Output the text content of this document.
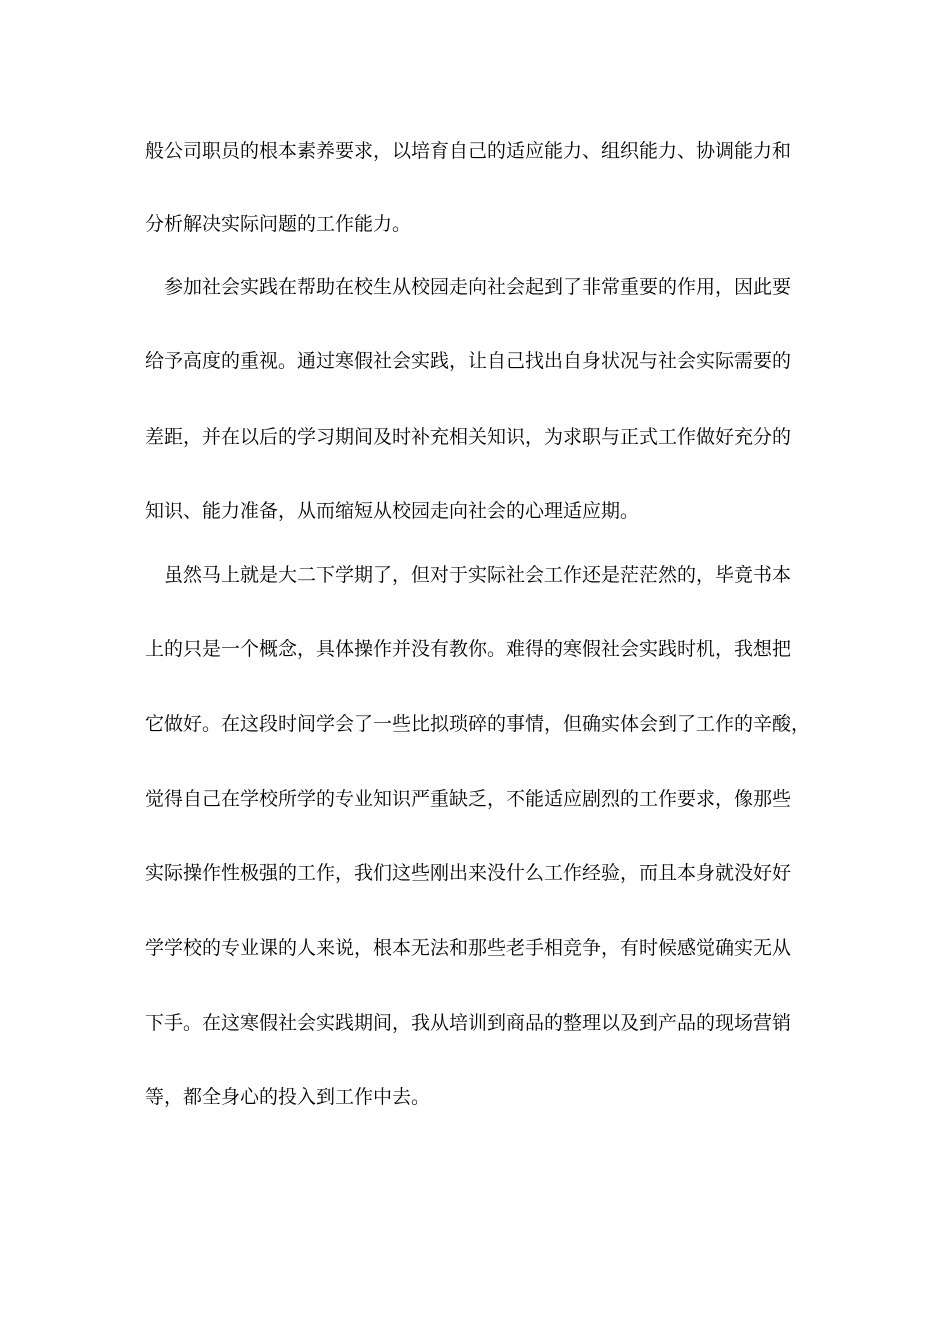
般公司职员的根本素养要求，以培育自己的适应能力、组织能力、协调能力和
分析解决实际问题的工作能力。
参加社会实践在帮助在校生从校园走向社会起到了非常重要的作用，因此要
给予高度的重视。通过寒假社会实践，让自己找出自身状况与社会实际需要的
差距，并在以后的学习期间及时补充相关知识，为求职与正式工作做好充分的
知识、能力准备，从而缩短从校园走向社会的心理适应期。
虽然马上就是大二下学期了，但对于实际社会工作还是茫茫然的，毕竟书本
上的只是一个概念，具体操作并没有教你。难得的寒假社会实践时机，我想把
它做好。在这段时间学会了一些比拟琐碎的事情，但确实体会到了工作的辛酸，
觉得自己在学校所学的专业知识严重缺乏，不能适应剧烈的工作要求，像那些
实际操作性极强的工作，我们这些刚出来没什么工作经验，而且本身就没好好
学学校的专业课的人来说，根本无法和那些老手相竞争，有时候感觉确实无从
下手。在这寒假社会实践期间，我从培训到商品的整理以及到产品的现场营销
等，都全身心的投入到工作中去。
